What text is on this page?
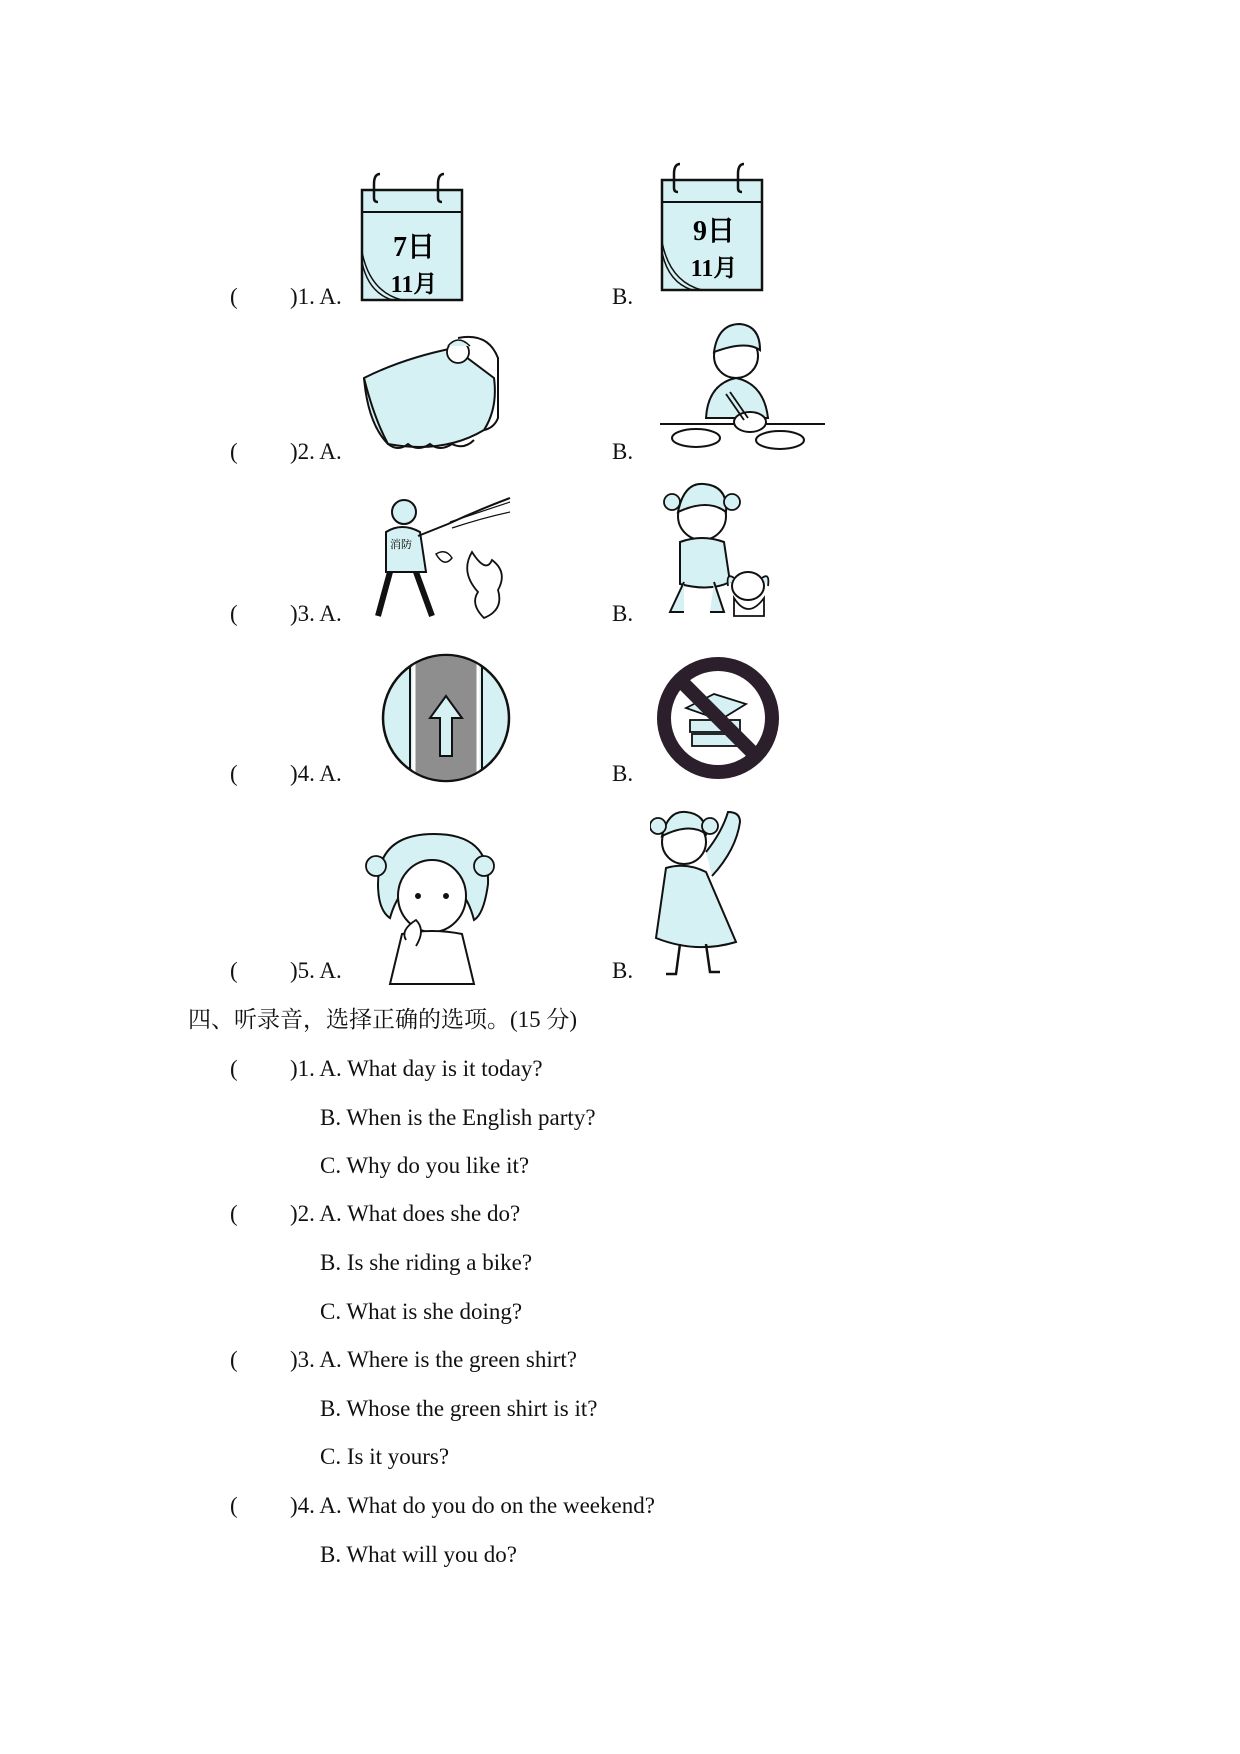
( )1. A.
7日
11月	B.
9日
11月
( )2. A.	B.
( )3. A.
消防
B.
( )4. A.	B.
( )5. A.	B.
四、听录音，选择正确的选项。(15 分)
( )1. A. What day is it today?
B. When is the English party?
C. Why do you like it?
( )2. A. What does she do?
B. Is she riding a bike?
C. What is she doing?
( )3. A. Where is the green shirt?
B. Whose the green shirt is it?
C. Is it yours?
( )4. A. What do you do on the weekend?
B. What will you do?
